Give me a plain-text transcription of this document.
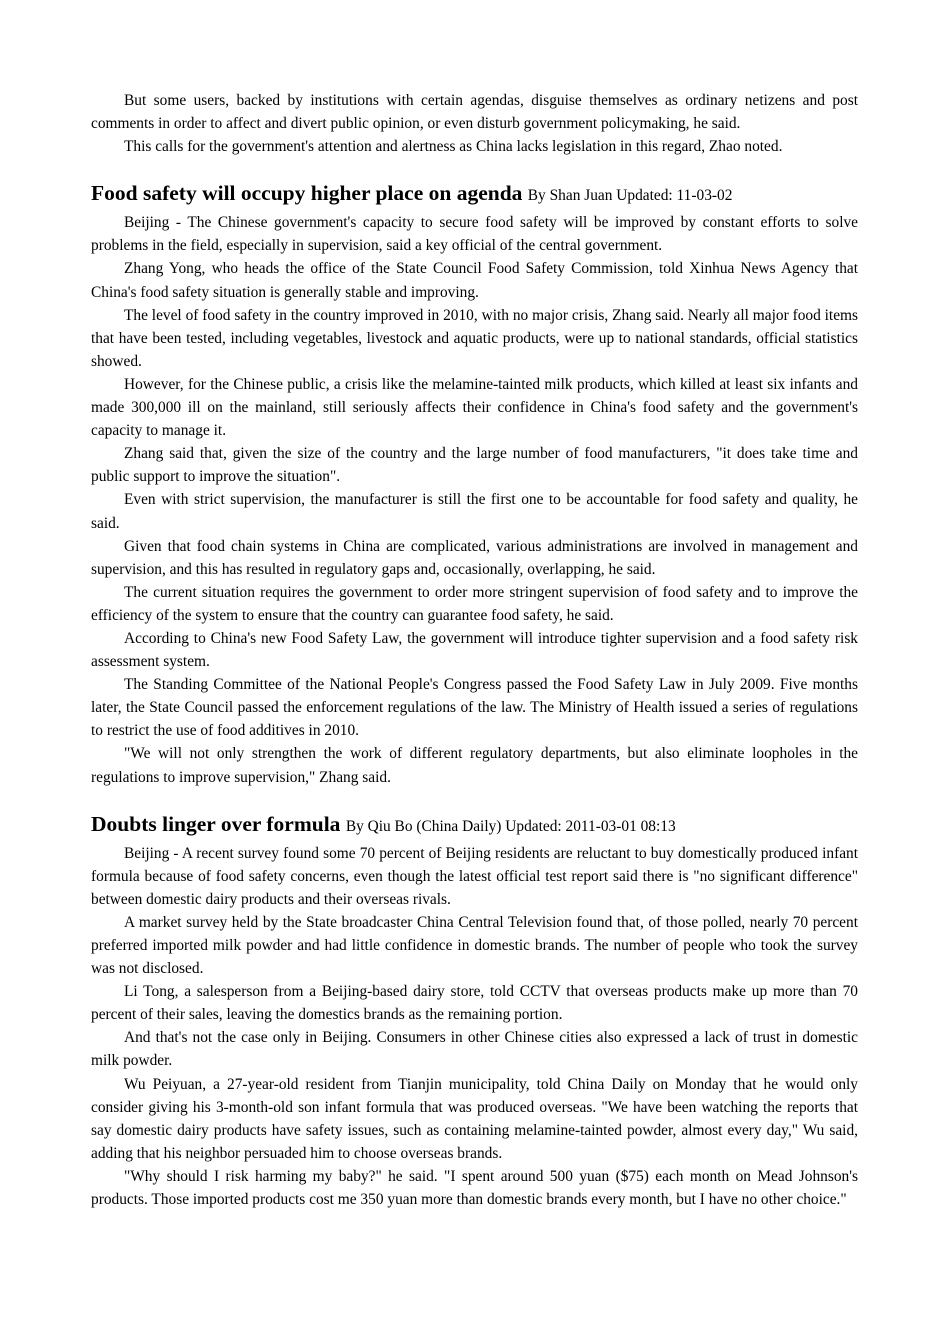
But some users, backed by institutions with certain agendas, disguise themselves as ordinary netizens and post comments in order to affect and divert public opinion, or even disturb government policymaking, he said.

This calls for the government's attention and alertness as China lacks legislation in this regard, Zhao noted.

Food safety will occupy higher place on agenda By Shan Juan Updated: 11-03-02

Beijing - The Chinese government's capacity to secure food safety will be improved by constant efforts to solve problems in the field, especially in supervision, said a key official of the central government.

Zhang Yong, who heads the office of the State Council Food Safety Commission, told Xinhua News Agency that China's food safety situation is generally stable and improving.

The level of food safety in the country improved in 2010, with no major crisis, Zhang said. Nearly all major food items that have been tested, including vegetables, livestock and aquatic products, were up to national standards, official statistics showed.

However, for the Chinese public, a crisis like the melamine-tainted milk products, which killed at least six infants and made 300,000 ill on the mainland, still seriously affects their confidence in China's food safety and the government's capacity to manage it.

Zhang said that, given the size of the country and the large number of food manufacturers, "it does take time and public support to improve the situation".

Even with strict supervision, the manufacturer is still the first one to be accountable for food safety and quality, he said.

Given that food chain systems in China are complicated, various administrations are involved in management and supervision, and this has resulted in regulatory gaps and, occasionally, overlapping, he said.

The current situation requires the government to order more stringent supervision of food safety and to improve the efficiency of the system to ensure that the country can guarantee food safety, he said.

According to China's new Food Safety Law, the government will introduce tighter supervision and a food safety risk assessment system.

The Standing Committee of the National People's Congress passed the Food Safety Law in July 2009. Five months later, the State Council passed the enforcement regulations of the law. The Ministry of Health issued a series of regulations to restrict the use of food additives in 2010.

"We will not only strengthen the work of different regulatory departments, but also eliminate loopholes in the regulations to improve supervision," Zhang said.

Doubts linger over formula By Qiu Bo (China Daily) Updated: 2011-03-01 08:13

Beijing - A recent survey found some 70 percent of Beijing residents are reluctant to buy domestically produced infant formula because of food safety concerns, even though the latest official test report said there is "no significant difference" between domestic dairy products and their overseas rivals.

A market survey held by the State broadcaster China Central Television found that, of those polled, nearly 70 percent preferred imported milk powder and had little confidence in domestic brands. The number of people who took the survey was not disclosed.

Li Tong, a salesperson from a Beijing-based dairy store, told CCTV that overseas products make up more than 70 percent of their sales, leaving the domestics brands as the remaining portion.

And that's not the case only in Beijing. Consumers in other Chinese cities also expressed a lack of trust in domestic milk powder.

Wu Peiyuan, a 27-year-old resident from Tianjin municipality, told China Daily on Monday that he would only consider giving his 3-month-old son infant formula that was produced overseas. "We have been watching the reports that say domestic dairy products have safety issues, such as containing melamine-tainted powder, almost every day," Wu said, adding that his neighbor persuaded him to choose overseas brands.

"Why should I risk harming my baby?" he said. "I spent around 500 yuan ($75) each month on Mead Johnson's products. Those imported products cost me 350 yuan more than domestic brands every month, but I have no other choice."
